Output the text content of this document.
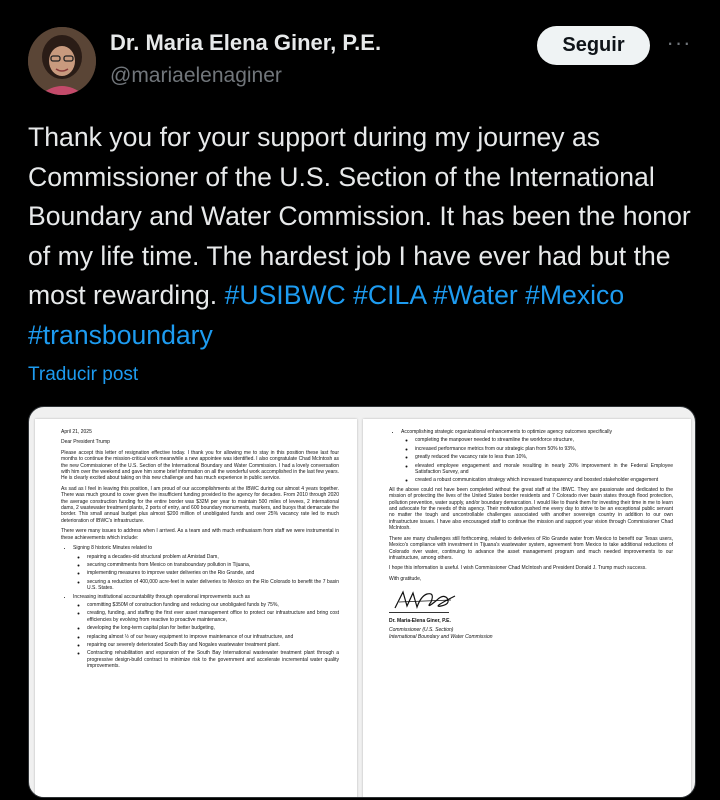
Dr. Maria Elena Giner, P.E.
@mariaelenaginer
Seguir	···
Thank you for your support during my journey as Commissioner of the U.S. Section of the International Boundary and Water Commission. It has been the honor of my life time. The hardest job I have ever had but the most rewarding. #USIBWC #CILA #Water #Mexico #transboundary
Traducir post

April 21, 2025

Dear President Trump

Please accept this letter of resignation effective today. I thank you for allowing me to stay in this position these last four months to continue the mission-critical work meanwhile a new appointee was identified. I also congratulate Chad McIntosh as the new Commissioner of the U.S. Section of the International Boundary and Water Commission. I had a lovely conversation with him over the weekend and gave him some brief information on all the wonderful work accomplished in the last few years. He is clearly excited about taking on this new challenge and has much experience in public service.

As sad as I feel in leaving this position, I am proud of our accomplishments at the IBWC during our almost 4 years together. There was much ground to cover given the insufficient funding provided to the agency for decades. From 2010 through 2020 the average construction funding for the entire border was $32M per year to maintain 500 miles of levees, 2 international dams, 2 wastewater treatment plants, 2 ports of entry, and 600 boundary monuments, markers, and buoys that demarcate the border. This small annual budget plus almost $200 million of unobligated funds and over 25% vacancy rate led to much deterioration of IBWC's infrastructure.

There were many issues to address when I arrived. As a team and with much enthusiasm from staff we were instrumental in these achievements which include:

• Signing 8 historic Minutes related to
◦ repairing a decades-old structural problem at Amistad Dam,
◦ securing commitments from Mexico on transboundary pollution in Tijuana,
◦ implementing measures to improve water deliveries on the Rio Grande, and
◦ securing a reduction of 400,000 acre-feet in water deliveries to Mexico on the Rio Colorado to benefit the 7 basin U.S. States.
• Increasing institutional accountability through operational improvements such as
◦ committing $350M of construction funding and reducing our unobligated funds by 75%,
◦ creating, funding, and staffing the first ever asset management office to protect our infrastructure and bring cost efficiencies by evolving from reactive to proactive maintenance,
◦ developing the long-term capital plan for better budgeting,
◦ replacing almost ½ of our heavy equipment to improve maintenance of our infrastructure, and
◦ repairing our severely deteriorated South Bay and Nogales wastewater treatment plant.
◦ Contracting rehabilitation and expansion of the South Bay International wastewater treatment plant through a progressive design-build contract to minimize risk to the government and accelerate incremental water quality improvements.
• Accomplishing strategic organizational enhancements to optimize agency outcomes specifically
◦ completing the manpower needed to streamline the workforce structure,
◦ increased performance metrics from our strategic plan from 50% to 93%,
◦ greatly reduced the vacancy rate to less than 10%,
◦ elevated employee engagement and morale resulting in nearly 20% improvement in the Federal Employee Satisfaction Survey, and
◦ created a robust communication strategy which increased transparency and boosted stakeholder engagement

All the above could not have been completed without the great staff at the IBWC. They are passionate and dedicated to the mission of protecting the lives of the United States border residents and 7 Colorado river basin states through flood protection, pollution prevention, water supply, and/or boundary demarcation. I would like to thank them for investing their time in me to learn and advocate for the needs of this agency. Their motivation pushed me every day to strive to be an exceptional public servant no matter the tough and uncontrollable challenges associated with another sovereign country in addition to our own infrastructure issues. I have also encouraged staff to continue the mission and support your vision through Commissioner Chad McIntosh.

There are many challenges still forthcoming, related to deliveries of Rio Grande water from Mexico to benefit our Texas users, Mexico's compliance with investment in Tijuana's wastewater system, agreement from Mexico to take additional reductions of Colorado river water, continuing to advance the asset management program and much needed improvements to our infrastructure, among others.

I hope this information is useful. I wish Commissioner Chad McIntosh and President Donald J. Trump much success.

With gratitude,

Dr. Maria-Elena Giner, P.E.

Commissioner (U.S. Section)

International Boundary and Water Commission
